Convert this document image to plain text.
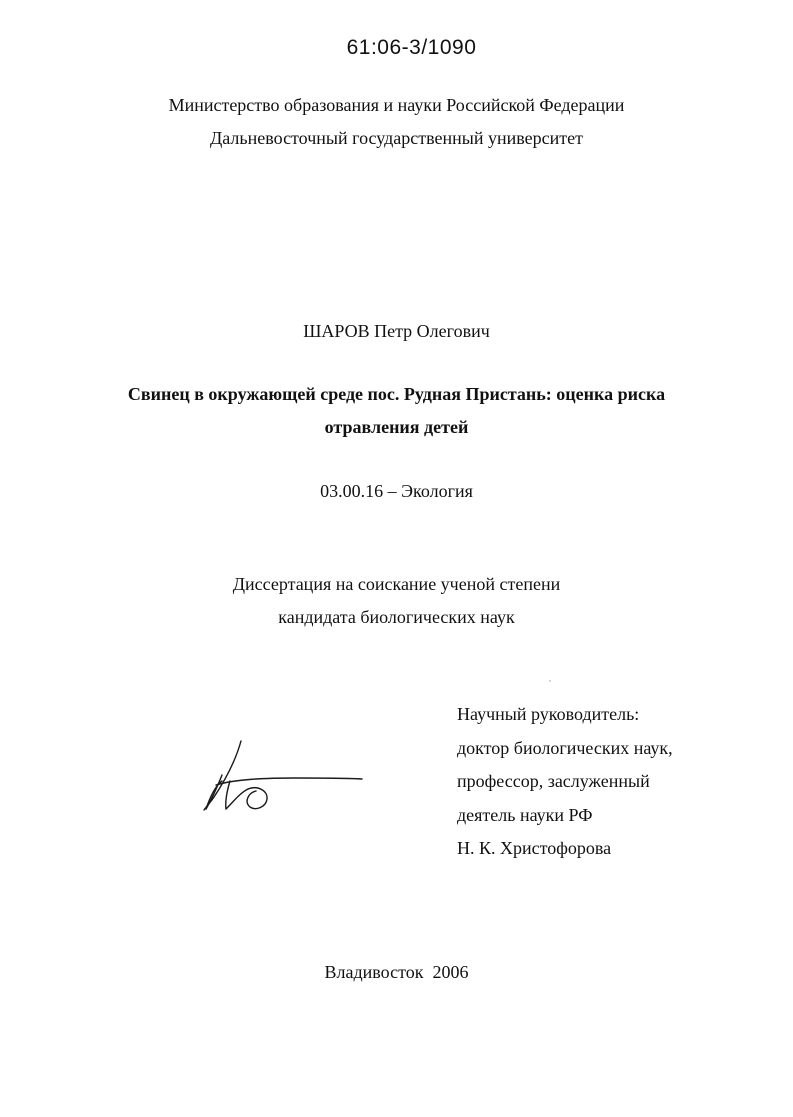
61:06-3/1090
Министерство образования и науки Российской Федерации
Дальневосточный государственный университет
ШАРОВ Петр Олегович
Свинец в окружающей среде пос. Рудная Пристань: оценка риска
отравления детей
03.00.16 – Экология
Диссертация на соискание ученой степени
кандидата биологических наук
Научный руководитель:
доктор биологических наук,
профессор, заслуженный
деятель науки РФ
Н. К. Христофорова
Владивосток  2006
